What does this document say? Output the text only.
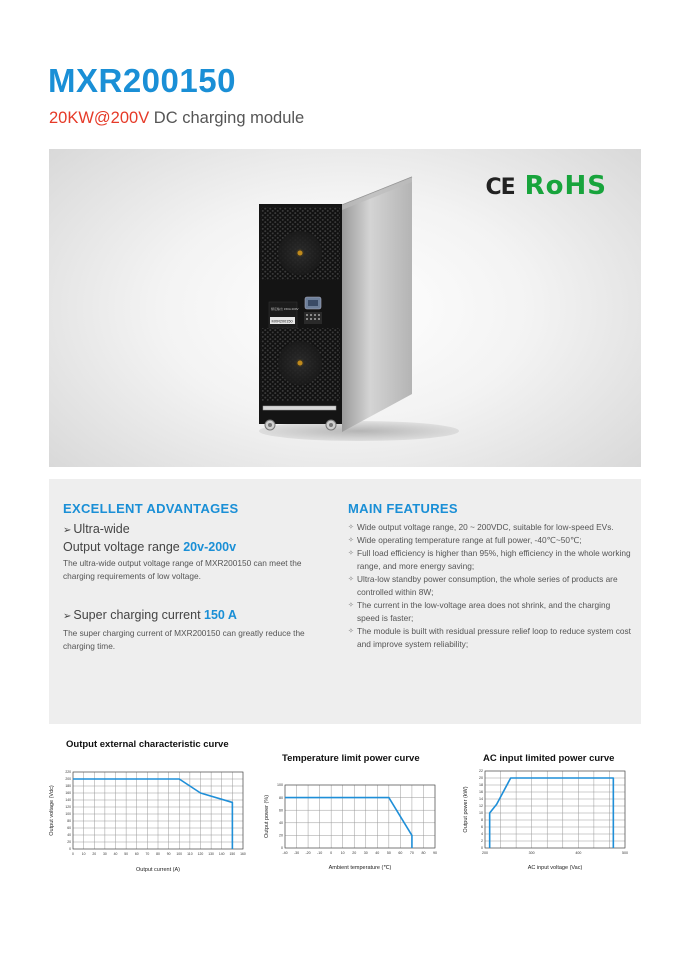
MXR200150
20KW@200V DC charging module
CE RoHS
额定输出 150A 200V
MXR200150
EXCELLENT ADVANTAGES
➢ Ultra-wide
Output voltage range 20v-200v
The ultra-wide output voltage range of MXR200150 can meet the charging requirements of low voltage.
➢ Super charging current 150 A
The super charging current of MXR200150 can greatly reduce the charging time.
MAIN FEATURES
✧ Wide output voltage range, 20 ~ 200VDC, suitable for low-speed EVs.
✧ Wide operating temperature range at full power, -40℃~50℃;
✧ Full load efficiency is higher than 95%, high efficiency in the whole working range, and more energy saving;
✧ Ultra-low standby power consumption, the whole series of products are controlled within 8W;
✧ The current in the low-voltage area does not shrink, and the charging speed is faster;
✧ The module is built with residual pressure relief loop to reduce system cost and improve system reliability;
Output external characteristic curve
0 10 20 30 40 50 60 70 80 90 100 110 120 130 140 150 160
0
20
40
60
80
100
120
140
160
180
200
220
Output current (A)
Output voltage (Vdc)
Temperature limit power curve
-40 -30 -20 -10 0 10 20 30 40 50 60 70 80 90
0
20
40
60
80
100
Ambient temperature (℃)
Output power (%)
AC input limited power curve
200	300	400	500
0
2
4
6
8
10
12
14
16
18
20
22
AC input voltage (Vac)
Output power (kW)
